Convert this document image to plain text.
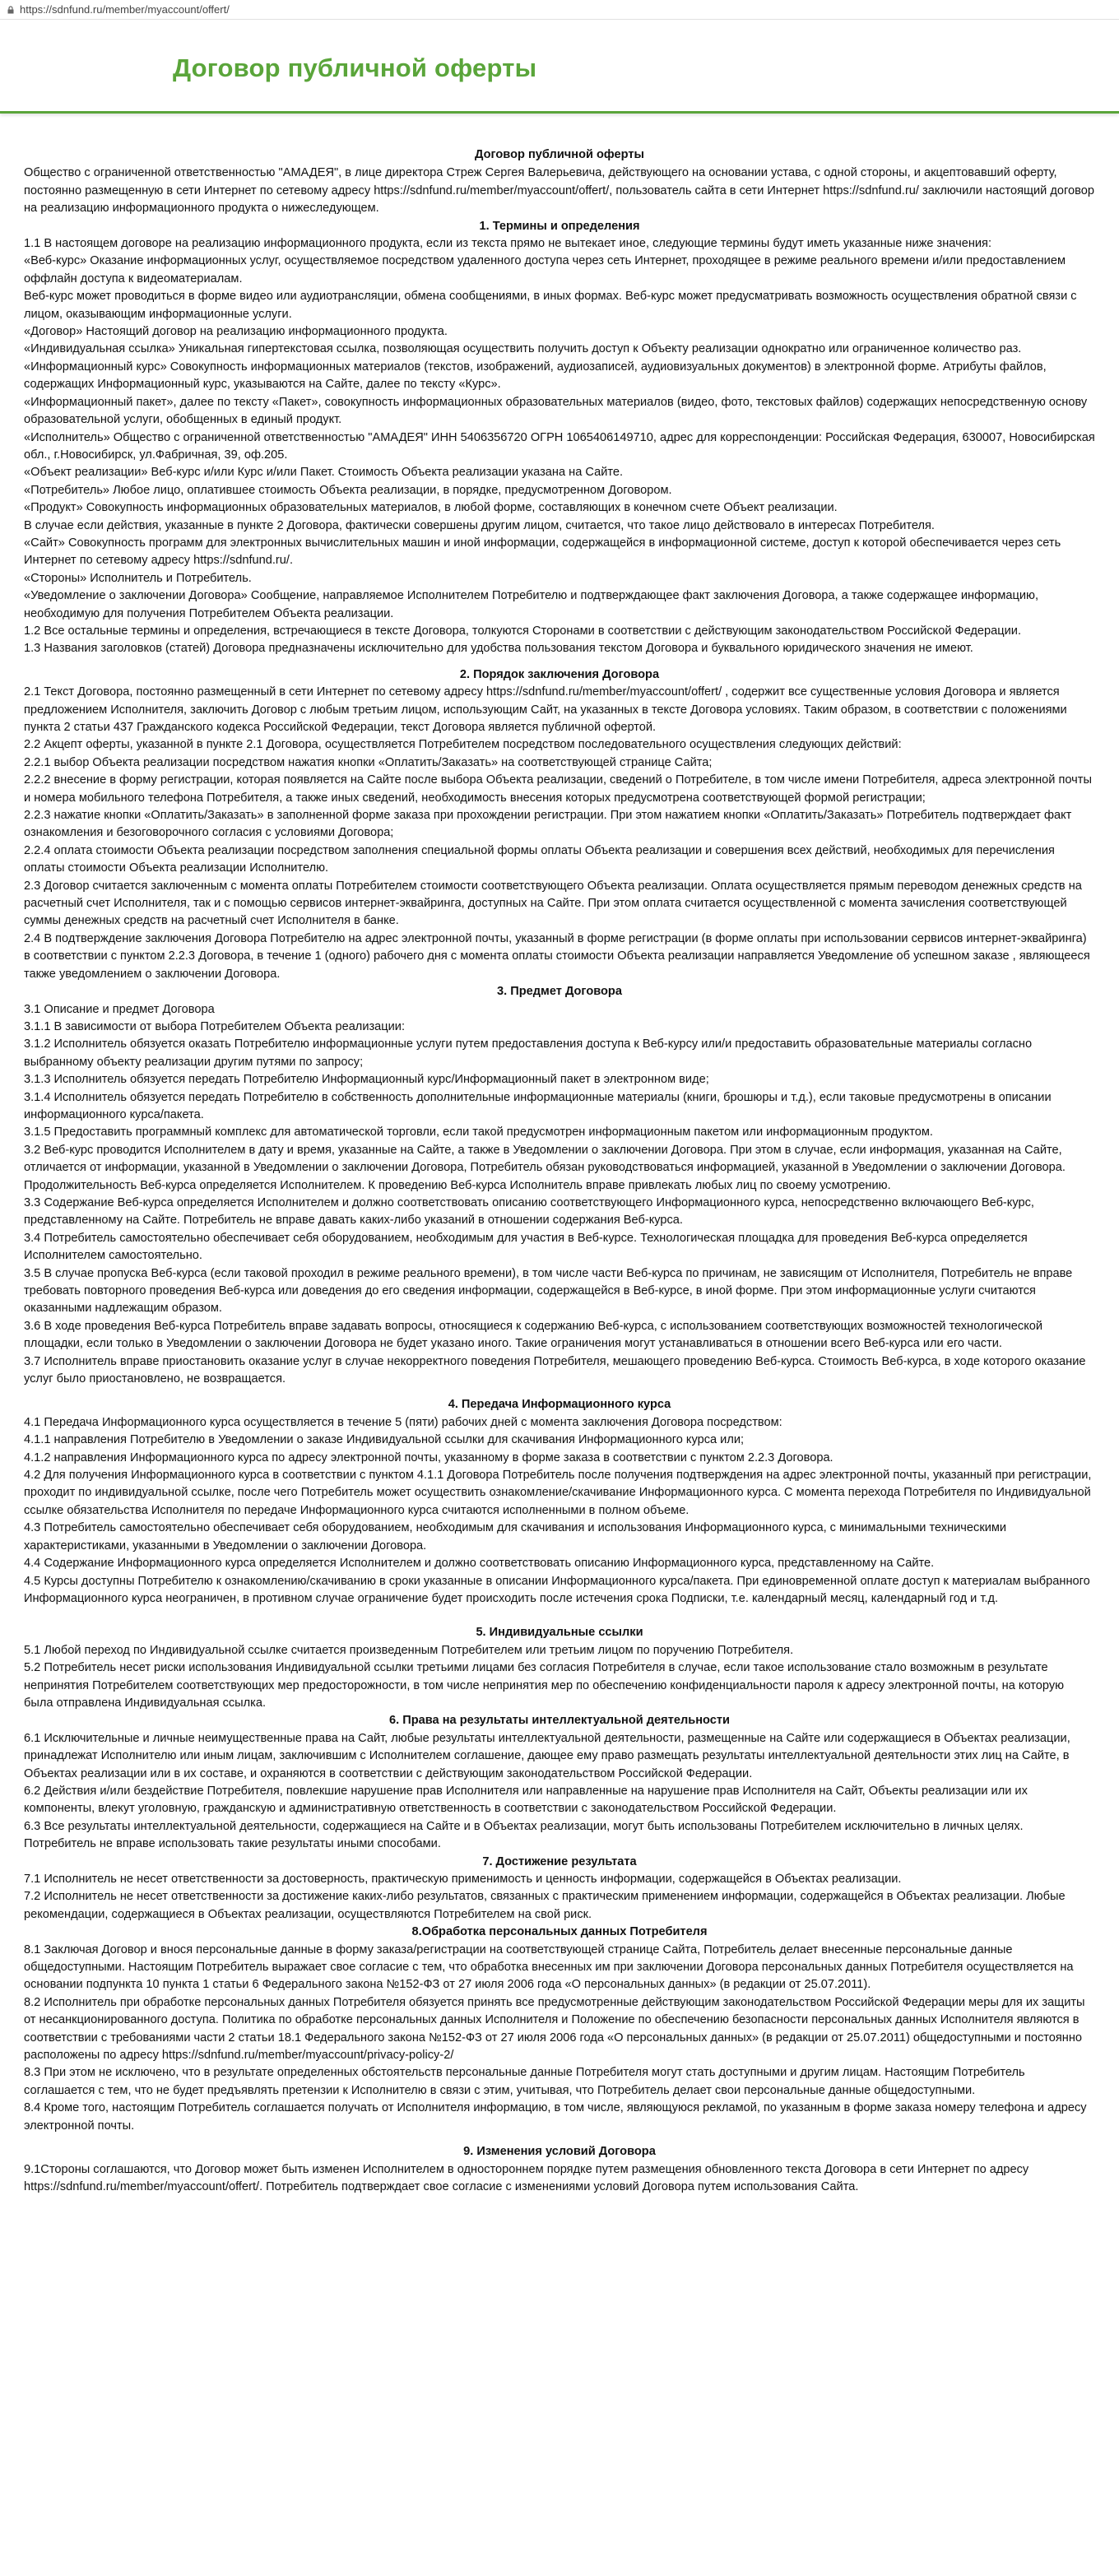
https://sdnfund.ru/member/myaccount/offert/
Договор публичной оферты
Договор публичной оферты

Общество с ограниченной ответственностью "АМАДЕЯ", в лице директора Стреж Сергея Валерьевича, действующего на основании устава, с одной стороны, и акцептовавший оферту, постоянно размещенную в сети Интернет по сетевому адресу https://sdnfund.ru/member/myaccount/offert/, пользователь сайта в сети Интернет https://sdnfund.ru/ заключили настоящий договор на реализацию информационного продукта о нижеследующем.

1. Термины и определения

1.1 В настоящем договоре на реализацию информационного продукта, если из текста прямо не вытекает иное, следующие термины будут иметь указанные ниже значения:

«Веб-курс» Оказание информационных услуг, осуществляемое посредством удаленного доступа через сеть Интернет, проходящее в режиме реального времени и/или предоставлением оффлайн доступа к видеоматериалам.

Веб-курс может проводиться в форме видео или аудиотрансляции, обмена сообщениями, в иных формах. Веб-курс может предусматривать возможность осуществления обратной связи с лицом, оказывающим информационные услуги.

«Договор» Настоящий договор на реализацию информационного продукта.

«Индивидуальная ссылка» Уникальная гипертекстовая ссылка, позволяющая осуществить получить доступ к Объекту реализации однократно или ограниченное количество раз.

«Информационный курс» Совокупность информационных материалов (текстов, изображений, аудиозаписей, аудиовизуальных документов) в электронной форме. Атрибуты файлов, содержащих Информационный курс, указываются на Сайте, далее по тексту «Курс».

«Информационный пакет», далее по тексту «Пакет», совокупность информационных образовательных материалов (видео, фото, текстовых файлов) содержащих непосредственную основу образовательной услуги, обобщенных в единый продукт.

«Исполнитель» Общество с ограниченной ответственностью "АМАДЕЯ" ИНН 5406356720 ОГРН 1065406149710, адрес для корреспонденции: Российская Федерация, 630007, Новосибирская обл., г.Новосибирск, ул.Фабричная, 39, оф.205.

«Объект реализации» Веб-курс и/или Курс и/или Пакет. Стоимость Объекта реализации указана на Сайте.

«Потребитель» Любое лицо, оплатившее стоимость Объекта реализации, в порядке, предусмотренном Договором.

«Продукт» Совокупность информационных образовательных материалов, в любой форме, составляющих в конечном счете Объект реализации.

В случае если действия, указанные в пункте 2 Договора, фактически совершены другим лицом, считается, что такое лицо действовало в интересах Потребителя.

«Сайт» Совокупность программ для электронных вычислительных машин и иной информации, содержащейся в информационной системе, доступ к которой обеспечивается через сеть Интернет по сетевому адресу https://sdnfund.ru/.

«Стороны» Исполнитель и Потребитель.

«Уведомление о заключении Договора» Сообщение, направляемое Исполнителем Потребителю и подтверждающее факт заключения Договора, а также содержащее информацию, необходимую для получения Потребителем Объекта реализации.

1.2 Все остальные термины и определения, встречающиеся в тексте Договора, толкуются Сторонами в соответствии с действующим законодательством Российской Федерации.

1.3 Названия заголовков (статей) Договора предназначены исключительно для удобства пользования текстом Договора и буквального юридического значения не имеют.

2. Порядок заключения Договора

2.1 Текст Договора, постоянно размещенный в сети Интернет по сетевому адресу https://sdnfund.ru/member/myaccount/offert/ , содержит все существенные условия Договора и является предложением Исполнителя, заключить Договор с любым третьим лицом, использующим Сайт, на указанных в тексте Договора условиях. Таким образом, в соответствии с положениями пункта 2 статьи 437 Гражданского кодекса Российской Федерации, текст Договора является публичной офертой.

2.2 Акцепт оферты, указанной в пункте 2.1 Договора, осуществляется Потребителем посредством последовательного осуществления следующих действий:

2.2.1 выбор Объекта реализации посредством нажатия кнопки «Оплатить/Заказать» на соответствующей странице Сайта;

2.2.2 внесение в форму регистрации, которая появляется на Сайте после выбора Объекта реализации, сведений о Потребителе, в том числе имени Потребителя, адреса электронной почты и номера мобильного телефона Потребителя, а также иных сведений, необходимость внесения которых предусмотрена соответствующей формой регистрации;

2.2.3 нажатие кнопки «Оплатить/Заказать» в заполненной форме заказа при прохождении регистрации. При этом нажатием кнопки «Оплатить/Заказать» Потребитель подтверждает факт ознакомления и безоговорочного согласия с условиями Договора;

2.2.4 оплата стоимости Объекта реализации посредством заполнения специальной формы оплаты Объекта реализации и совершения всех действий, необходимых для перечисления оплаты стоимости Объекта реализации Исполнителю.

2.3 Договор считается заключенным с момента оплаты Потребителем стоимости соответствующего Объекта реализации. Оплата осуществляется прямым переводом денежных средств на расчетный счет Исполнителя, так и с помощью сервисов интернет-эквайринга, доступных на Сайте. При этом оплата считается осуществленной с момента зачисления соответствующей суммы денежных средств на расчетный счет Исполнителя в банке.

2.4 В подтверждение заключения Договора Потребителю на адрес электронной почты, указанный в форме регистрации (в форме оплаты при использовании сервисов интернет-эквайринга) в соответствии с пунктом 2.2.3 Договора, в течение 1 (одного) рабочего дня с момента оплаты стоимости Объекта реализации направляется Уведомление об успешном заказе , являющееся также уведомлением о заключении Договора.

3. Предмет Договора

3.1 Описание и предмет Договора

3.1.1 В зависимости от выбора Потребителем Объекта реализации:

3.1.2 Исполнитель обязуется оказать Потребителю информационные услуги путем предоставления доступа к Веб-курсу или/и предоставить образовательные материалы согласно выбранному объекту реализации другим путями по запросу;

3.1.3 Исполнитель обязуется передать Потребителю Информационный курс/Информационный пакет в электронном виде;

3.1.4 Исполнитель обязуется передать Потребителю в собственность дополнительные информационные материалы (книги, брошюры и т.д.), если таковые предусмотрены в описании информационного курса/пакета.

3.1.5 Предоставить программный комплекс для автоматической торговли, если такой предусмотрен информационным пакетом или информационным продуктом.

3.2 Веб-курс проводится Исполнителем в дату и время, указанные на Сайте, а также в Уведомлении о заключении Договора. При этом в случае, если информация, указанная на Сайте, отличается от информации, указанной в Уведомлении о заключении Договора, Потребитель обязан руководствоваться информацией, указанной в Уведомлении о заключении Договора. Продолжительность Веб-курса определяется Исполнителем. К проведению Веб-курса Исполнитель вправе привлекать любых лиц по своему усмотрению.

3.3 Содержание Веб-курса определяется Исполнителем и должно соответствовать описанию соответствующего Информационного курса, непосредственно включающего Веб-курс, представленному на Сайте. Потребитель не вправе давать каких-либо указаний в отношении содержания Веб-курса.

3.4 Потребитель самостоятельно обеспечивает себя оборудованием, необходимым для участия в Веб-курсе. Технологическая площадка для проведения Веб-курса определяется Исполнителем самостоятельно.

3.5 В случае пропуска Веб-курса (если таковой проходил в режиме реального времени), в том числе части Веб-курса по причинам, не зависящим от Исполнителя, Потребитель не вправе требовать повторного проведения Веб-курса или доведения до его сведения информации, содержащейся в Веб-курсе, в иной форме. При этом информационные услуги считаются оказанными надлежащим образом.

3.6 В ходе проведения Веб-курса Потребитель вправе задавать вопросы, относящиеся к содержанию Веб-курса, с использованием соответствующих возможностей технологической площадки, если только в Уведомлении о заключении Договора не будет указано иного. Такие ограничения могут устанавливаться в отношении всего Веб-курса или его части.

3.7 Исполнитель вправе приостановить оказание услуг в случае некорректного поведения Потребителя, мешающего проведению Веб-курса. Стоимость Веб-курса, в ходе которого оказание услуг было приостановлено, не возвращается.

4. Передача Информационного курса

4.1 Передача Информационного курса осуществляется в течение 5 (пяти) рабочих дней с момента заключения Договора посредством:

4.1.1 направления Потребителю в Уведомлении о заказе Индивидуальной ссылки для скачивания Информационного курса или;

4.1.2 направления Информационного курса по адресу электронной почты, указанному в форме заказа в соответствии с пунктом 2.2.3 Договора.

4.2 Для получения Информационного курса в соответствии с пунктом 4.1.1 Договора Потребитель после получения подтверждения на адрес электронной почты, указанный при регистрации, проходит по индивидуальной ссылке, после чего Потребитель может осуществить ознакомление/скачивание Информационного курса. С момента перехода Потребителя по Индивидуальной ссылке обязательства Исполнителя по передаче Информационного курса считаются исполненными в полном объеме.

4.3 Потребитель самостоятельно обеспечивает себя оборудованием, необходимым для скачивания и использования Информационного курса, с минимальными техническими характеристиками, указанными в Уведомлении о заключении Договора.

4.4 Содержание Информационного курса определяется Исполнителем и должно соответствовать описанию Информационного курса, представленному на Сайте.

4.5 Курсы доступны Потребителю к ознакомлению/скачиванию в сроки указанные в описании Информационного курса/пакета. При единовременной оплате доступ к материалам выбранного Информационного курса неограничен, в противном случае ограничение будет происходить после истечения срока Подписки, т.е. календарный месяц, календарный год и т.д.

5. Индивидуальные ссылки

5.1 Любой переход по Индивидуальной ссылке считается произведенным Потребителем или третьим лицом по поручению Потребителя.

5.2 Потребитель несет риски использования Индивидуальной ссылки третьими лицами без согласия Потребителя в случае, если такое использование стало возможным в результате непринятия Потребителем соответствующих мер предосторожности, в том числе непринятия мер по обеспечению конфиденциальности пароля к адресу электронной почты, на которую была отправлена Индивидуальная ссылка.

6. Права на результаты интеллектуальной деятельности

6.1 Исключительные и личные неимущественные права на Сайт, любые результаты интеллектуальной деятельности, размещенные на Сайте или содержащиеся в Объектах реализации, принадлежат Исполнителю или иным лицам, заключившим с Исполнителем соглашение, дающее ему право размещать результаты интеллектуальной деятельности этих лиц на Сайте, в Объектах реализации или в их составе, и охраняются в соответствии с действующим законодательством Российской Федерации.

6.2 Действия и/или бездействие Потребителя, повлекшие нарушение прав Исполнителя или направленные на нарушение прав Исполнителя на Сайт, Объекты реализации или их компоненты, влекут уголовную, гражданскую и административную ответственность в соответствии с законодательством Российской Федерации.

6.3 Все результаты интеллектуальной деятельности, содержащиеся на Сайте и в Объектах реализации, могут быть использованы Потребителем исключительно в личных целях. Потребитель не вправе использовать такие результаты иными способами.

7. Достижение результата

7.1 Исполнитель не несет ответственности за достоверность, практическую применимость и ценность информации, содержащейся в Объектах реализации.

7.2 Исполнитель не несет ответственности за достижение каких-либо результатов, связанных с практическим применением информации, содержащейся в Объектах реализации. Любые рекомендации, содержащиеся в Объектах реализации, осуществляются Потребителем на свой риск.

8.Обработка персональных данных Потребителя

8.1 Заключая Договор и внося персональные данные в форму заказа/регистрации на соответствующей странице Сайта, Потребитель делает внесенные персональные данные общедоступными. Настоящим Потребитель выражает свое согласие с тем, что обработка внесенных им при заключении Договора персональных данных Потребителя осуществляется на основании подпункта 10 пункта 1 статьи 6 Федерального закона №152-ФЗ от 27 июля 2006 года «О персональных данных» (в редакции от 25.07.2011).

8.2 Исполнитель при обработке персональных данных Потребителя обязуется принять все предусмотренные действующим законодательством Российской Федерации меры для их защиты от несанкционированного доступа. Политика по обработке персональных данных Исполнителя и Положение по обеспечению безопасности персональных данных Исполнителя являются в соответствии с требованиями части 2 статьи 18.1 Федерального закона №152-ФЗ от 27 июля 2006 года «О персональных данных» (в редакции от 25.07.2011) общедоступными и постоянно расположены по адресу https://sdnfund.ru/member/myaccount/privacy-policy-2/

8.3 При этом не исключено, что в результате определенных обстоятельств персональные данные Потребителя могут стать доступными и другим лицам. Настоящим Потребитель соглашается с тем, что не будет предъявлять претензии к Исполнителю в связи с этим, учитывая, что Потребитель делает свои персональные данные общедоступными.

8.4 Кроме того, настоящим Потребитель соглашается получать от Исполнителя информацию, в том числе, являющуюся рекламой, по указанным в форме заказа номеру телефона и адресу электронной почты.

9. Изменения условий Договора

9.1Стороны соглашаются, что Договор может быть изменен Исполнителем в одностороннем порядке путем размещения обновленного текста Договора в сети Интернет по адресу https://sdnfund.ru/member/myaccount/offert/. Потребитель подтверждает свое согласие с изменениями условий Договора путем использования Сайта.
